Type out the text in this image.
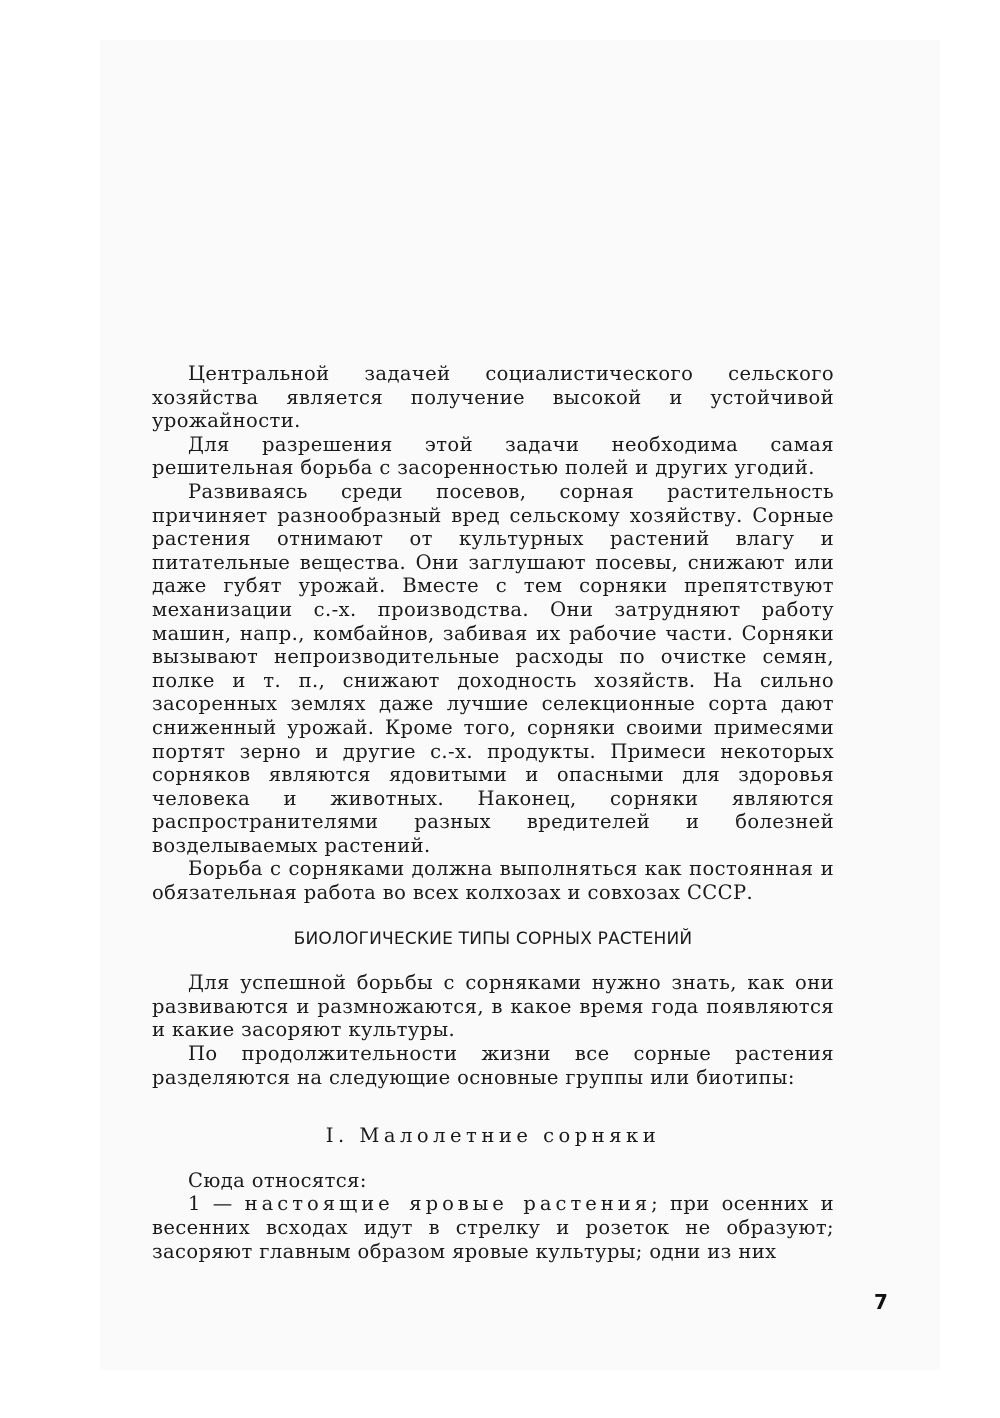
Центральной задачей социалистического сельского хозяйства является получение высокой и устойчивой урожайности.

Для разрешения этой задачи необходима самая решительная борьба с засоренностью полей и других угодий.

Развиваясь среди посевов, сорная растительность причиняет разнообразный вред сельскому хозяйству. Сорные растения отнимают от культурных растений влагу и питательные вещества. Они заглушают посевы, снижают или даже губят урожай. Вместе с тем сорняки препятствуют механизации с.-х. производства. Они затрудняют работу машин, напр., комбайнов, забивая их рабочие части. Сорняки вызывают непроизводительные расходы по очистке семян, полке и т. п., снижают доходность хозяйств. На сильно засоренных землях даже лучшие селекционные сорта дают сниженный урожай. Кроме того, сорняки своими примесями портят зерно и другие с.-х. продукты. Примеси некоторых сорняков являются ядовитыми и опасными для здоровья человека и животных. Наконец, сорняки являются распространителями разных вредителей и болезней возделываемых растений.

Борьба с сорняками должна выполняться как постоянная и обязательная работа во всех колхозах и совхозах СССР.

БИОЛОГИЧЕСКИЕ ТИПЫ СОРНЫХ РАСТЕНИЙ

Для успешной борьбы с сорняками нужно знать, как они развиваются и размножаются, в какое время года появляются и какие засоряют культуры.

По продолжительности жизни все сорные растения разделяются на следующие основные группы или биотипы:

I. Малолетние сорняки

Сюда относятся:

1 — настоящие яровые растения; при осенних и весенних всходах идут в стрелку и розеток не образуют; засоряют главным образом яровые культуры; одни из них

7
